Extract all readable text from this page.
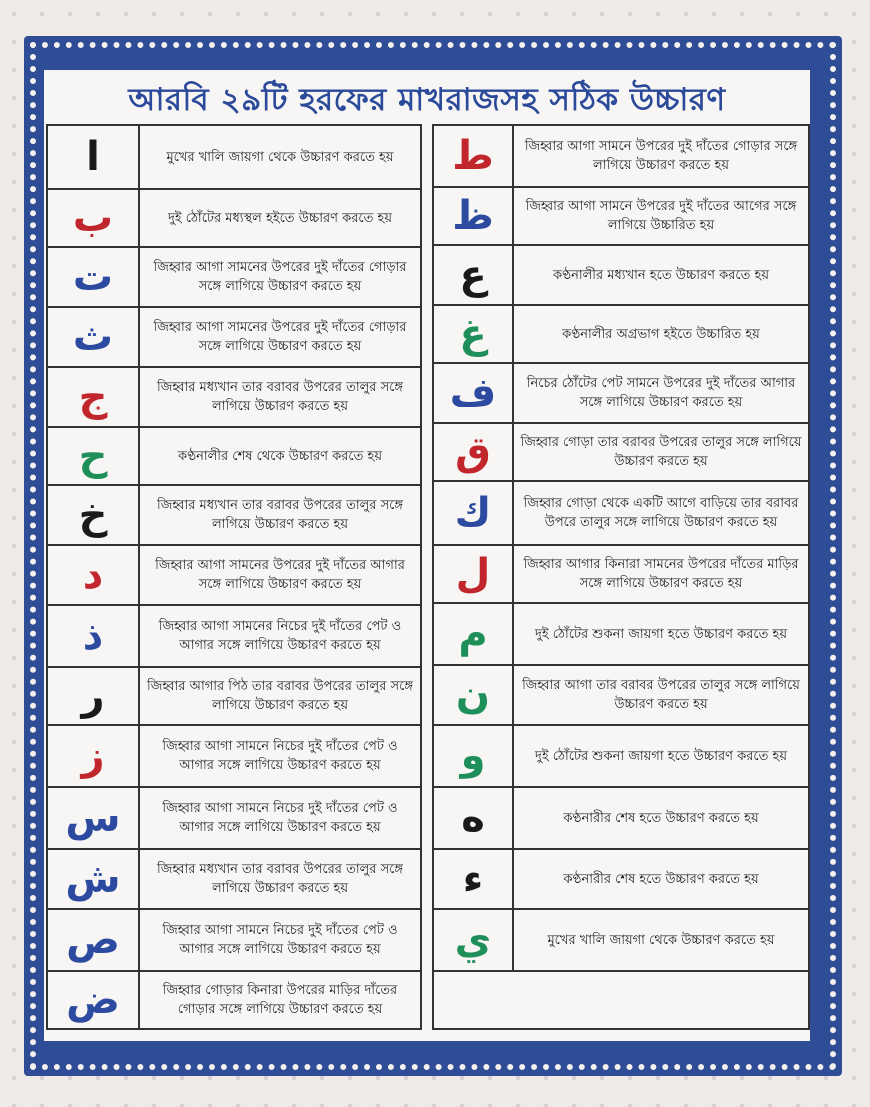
আরবি ২৯টি হরফের মাখরাজসহ সঠিক উচ্চারণ
ا	মুখের খালি জায়গা থেকে উচ্চারণ করতে হয়
ب	দুই ঠোঁটের মধ্যস্থল হইতে উচ্চারণ করতে হয়
ت	জিহ্বার আগা সামনের উপরের দুই দাঁতের গোড়ার সঙ্গে লাগিয়ে উচ্চারণ করতে হয়
ث	জিহ্বার আগা সামনের উপরের দুই দাঁতের গোড়ার সঙ্গে লাগিয়ে উচ্চারণ করতে হয়
ج	জিহ্বার মধ্যখান তার বরাবর উপরের তালুর সঙ্গে লাগিয়ে উচ্চারণ করতে হয়
ح	কণ্ঠনালীর শেষ থেকে উচ্চারণ করতে হয়
خ	জিহ্বার মধ্যখান তার বরাবর উপরের তালুর সঙ্গে লাগিয়ে উচ্চারণ করতে হয়
د	জিহ্বার আগা সামনের উপরের দুই দাঁতের আগার সঙ্গে লাগিয়ে উচ্চারণ করতে হয়
ذ	জিহ্বার আগা সামনের নিচের দুই দাঁতের পেট ও আগার সঙ্গে লাগিয়ে উচ্চারণ করতে হয়
ر	জিহ্বার আগার পিঠ তার বরাবর উপরের তালুর সঙ্গে লাগিয়ে উচ্চারণ করতে হয়
ز	জিহ্বার আগা সামনে নিচের দুই দাঁতের পেট ও আগার সঙ্গে লাগিয়ে উচ্চারণ করতে হয়
س	জিহ্বার আগা সামনে নিচের দুই দাঁতের পেট ও আগার সঙ্গে লাগিয়ে উচ্চারণ করতে হয়
ش	জিহ্বার মধ্যখান তার বরাবর উপরের তালুর সঙ্গে লাগিয়ে উচ্চারণ করতে হয়
ص	জিহ্বার আগা সামনে নিচের দুই দাঁতের পেট ও আগার সঙ্গে লাগিয়ে উচ্চারণ করতে হয়
ض	জিহ্বার গোড়ার কিনারা উপরের মাড়ির দাঁতের গোড়ার সঙ্গে লাগিয়ে উচ্চারণ করতে হয়
ط	জিহ্বার আগা সামনে উপরের দুই দাঁতের গোড়ার সঙ্গে লাগিয়ে উচ্চারণ করতে হয়
ظ	জিহ্বার আগা সামনে উপরের দুই দাঁতের আগের সঙ্গে লাগিয়ে উচ্চারিত হয়
ع	কণ্ঠনালীর মধ্যখান হতে উচ্চারণ করতে হয়
غ	কণ্ঠনালীর অগ্রভাগ হইতে উচ্চারিত হয়
ف	নিচের ঠোঁটের পেট সামনে উপরের দুই দাঁতের আগার সঙ্গে লাগিয়ে উচ্চারণ করতে হয়
ق	জিহ্বার গোড়া তার বরাবর উপরের তালুর সঙ্গে লাগিয়ে উচ্চারণ করতে হয়
ك	জিহ্বার গোড়া থেকে একটি আগে বাড়িয়ে তার বরাবর উপরে তালুর সঙ্গে লাগিয়ে উচ্চারণ করতে হয়
ل	জিহ্বার আগার কিনারা সামনের উপরের দাঁতের মাড়ির সঙ্গে লাগিয়ে উচ্চারণ করতে হয়
م	দুই ঠোঁটের শুকনা জায়গা হতে উচ্চারণ করতে হয়
ن	জিহ্বার আগা তার বরাবর উপরের তালুর সঙ্গে লাগিয়ে উচ্চারণ করতে হয়
و	দুই ঠোঁটের শুকনা জায়গা হতে উচ্চারণ করতে হয়
ه	কণ্ঠনারীর শেষ হতে উচ্চারণ করতে হয়
ء	কণ্ঠনারীর শেষ হতে উচ্চারণ করতে হয়
ي	মুখের খালি জায়গা থেকে উচ্চারণ করতে হয়
